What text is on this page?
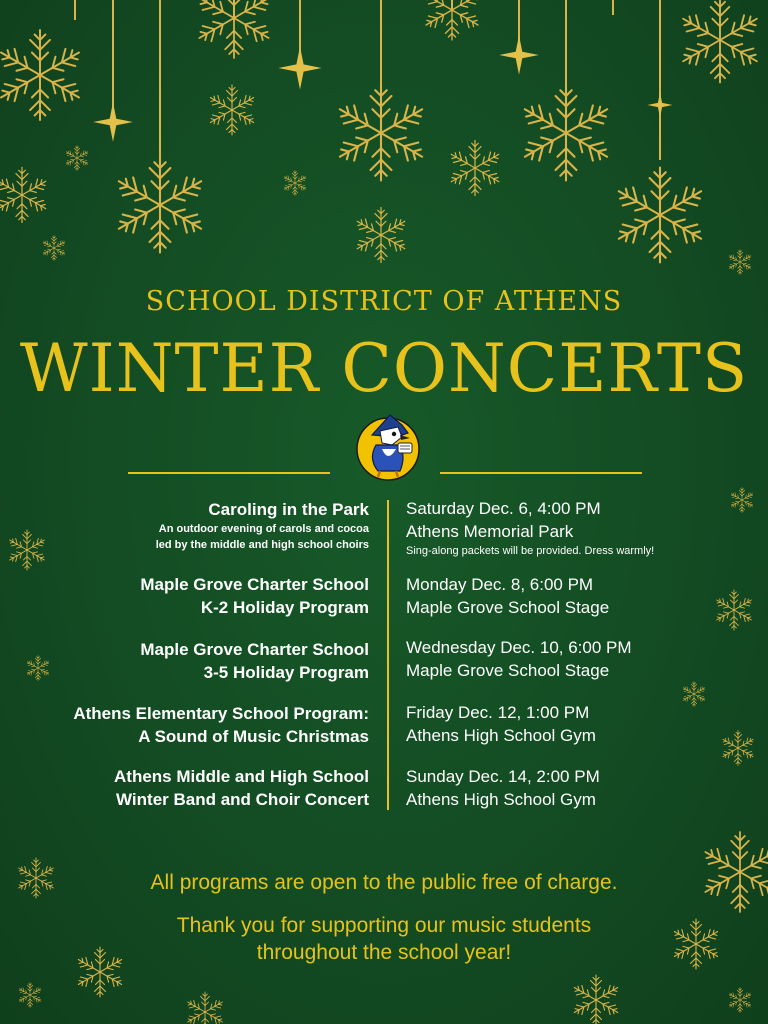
SCHOOL DISTRICT OF ATHENS
WINTER CONCERTS
Caroling in the Park
An outdoor evening of carols and cocoa
led by the middle and high school choirs
Saturday Dec. 6, 4:00 PM
Athens Memorial Park
Sing-along packets will be provided. Dress warmly!
Maple Grove Charter School
K-2 Holiday Program
Monday Dec. 8, 6:00 PM
Maple Grove School Stage
Maple Grove Charter School
3-5 Holiday Program
Wednesday Dec. 10, 6:00 PM
Maple Grove School Stage
Athens Elementary School Program:
A Sound of Music Christmas
Friday Dec. 12, 1:00 PM
Athens High School Gym
Athens Middle and High School
Winter Band and Choir Concert
Sunday Dec. 14, 2:00 PM
Athens High School Gym
All programs are open to the public free of charge.
Thank you for supporting our music students
throughout the school year!
